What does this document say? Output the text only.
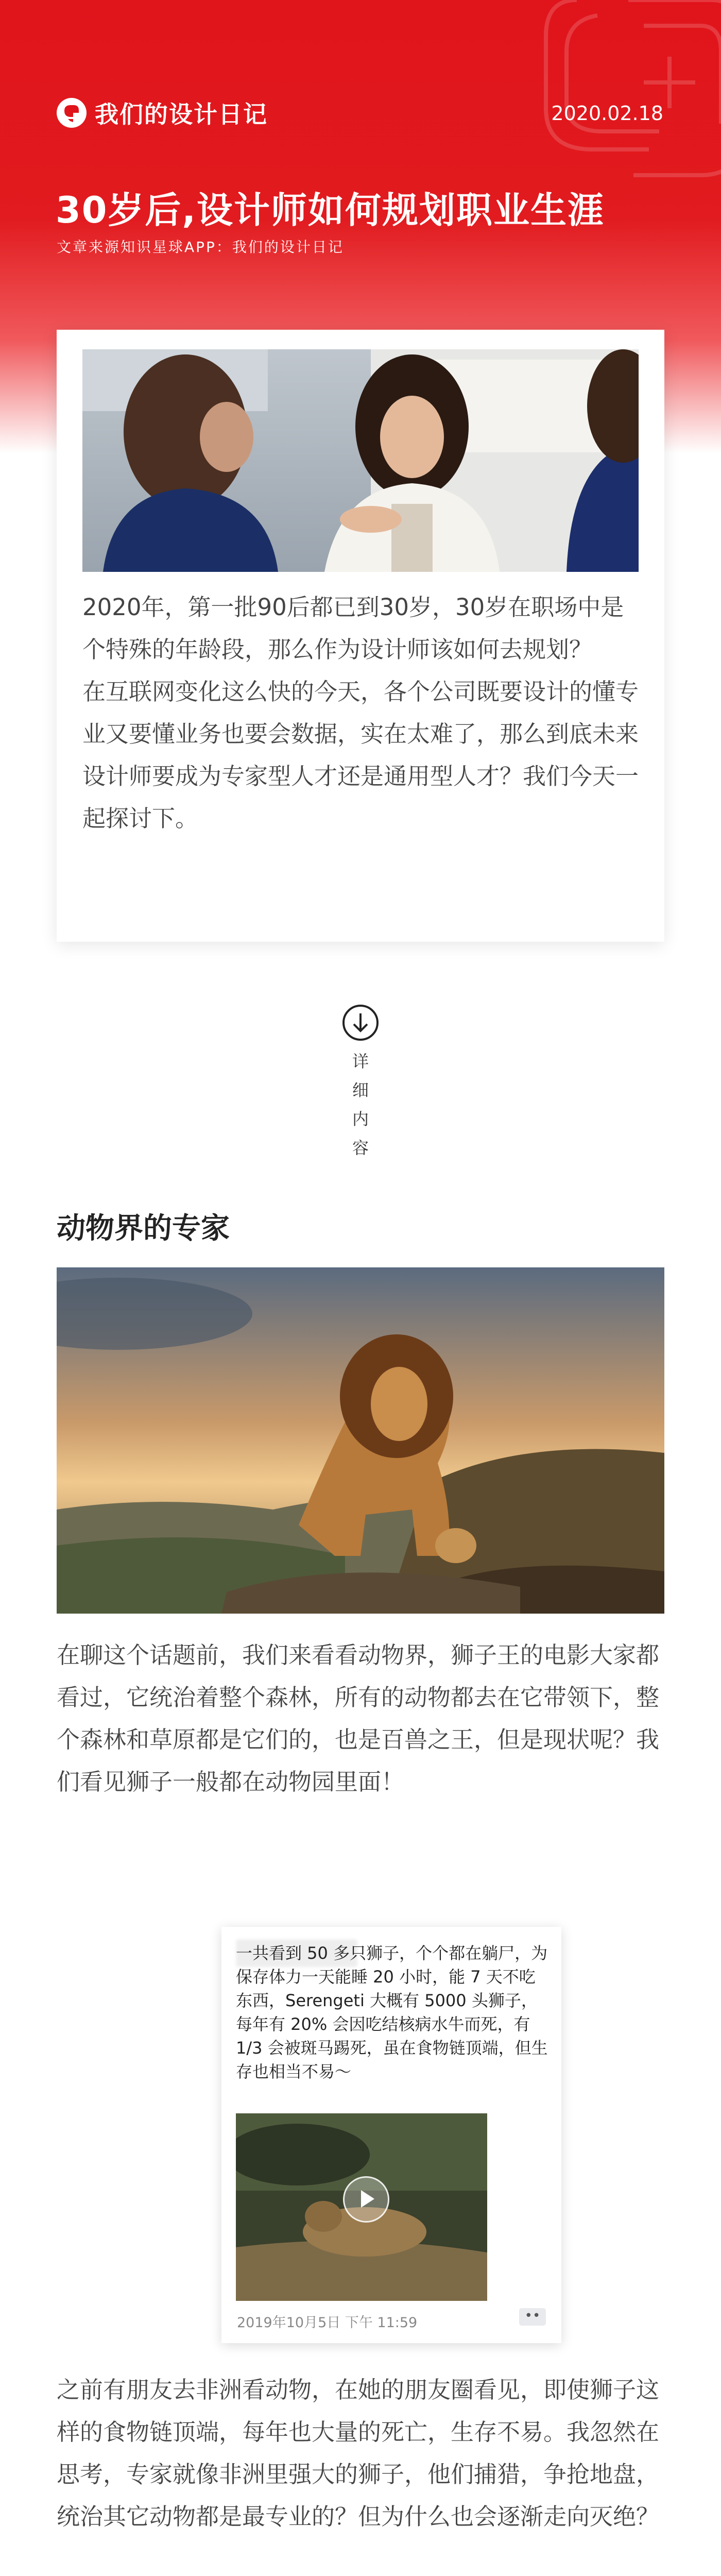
我们的设计日记	2020.02.18
30岁后,设计师如何规划职业生涯
文章来源知识星球APP：我们的设计日记

2020年，第一批90后都已到30岁，30岁在职场中是个特殊的年龄段，那么作为设计师该如何去规划？
在互联网变化这么快的今天，各个公司既要设计的懂专业又要懂业务也要会数据，实在太难了，那么到底未来设计师要成为专家型人才还是通用型人才？我们今天一起探讨下。

详细内容
动物界的专家

在聊这个话题前，我们来看看动物界，狮子王的电影大家都看过，它统治着整个森林，所有的动物都去在它带领下，整个森林和草原都是它们的，也是百兽之王，但是现状呢？我们看见狮子一般都在动物园里面！

一共看到 50 多只狮子，个个都在躺尸，为保存体力一天能睡 20 小时，能 7 天不吃东西，Serengeti 大概有 5000 头狮子，每年有 20% 会因吃结核病水牛而死，有 1/3 会被斑马踢死，虽在食物链顶端，但生存也相当不易～

2019年10月5日 下午 11:59	••

之前有朋友去非洲看动物，在她的朋友圈看见，即使狮子这样的食物链顶端，每年也大量的死亡，生存不易。我忽然在思考，专家就像非洲里强大的狮子，他们捕猎，争抢地盘，统治其它动物都是最专业的？但为什么也会逐渐走向灭绝？
